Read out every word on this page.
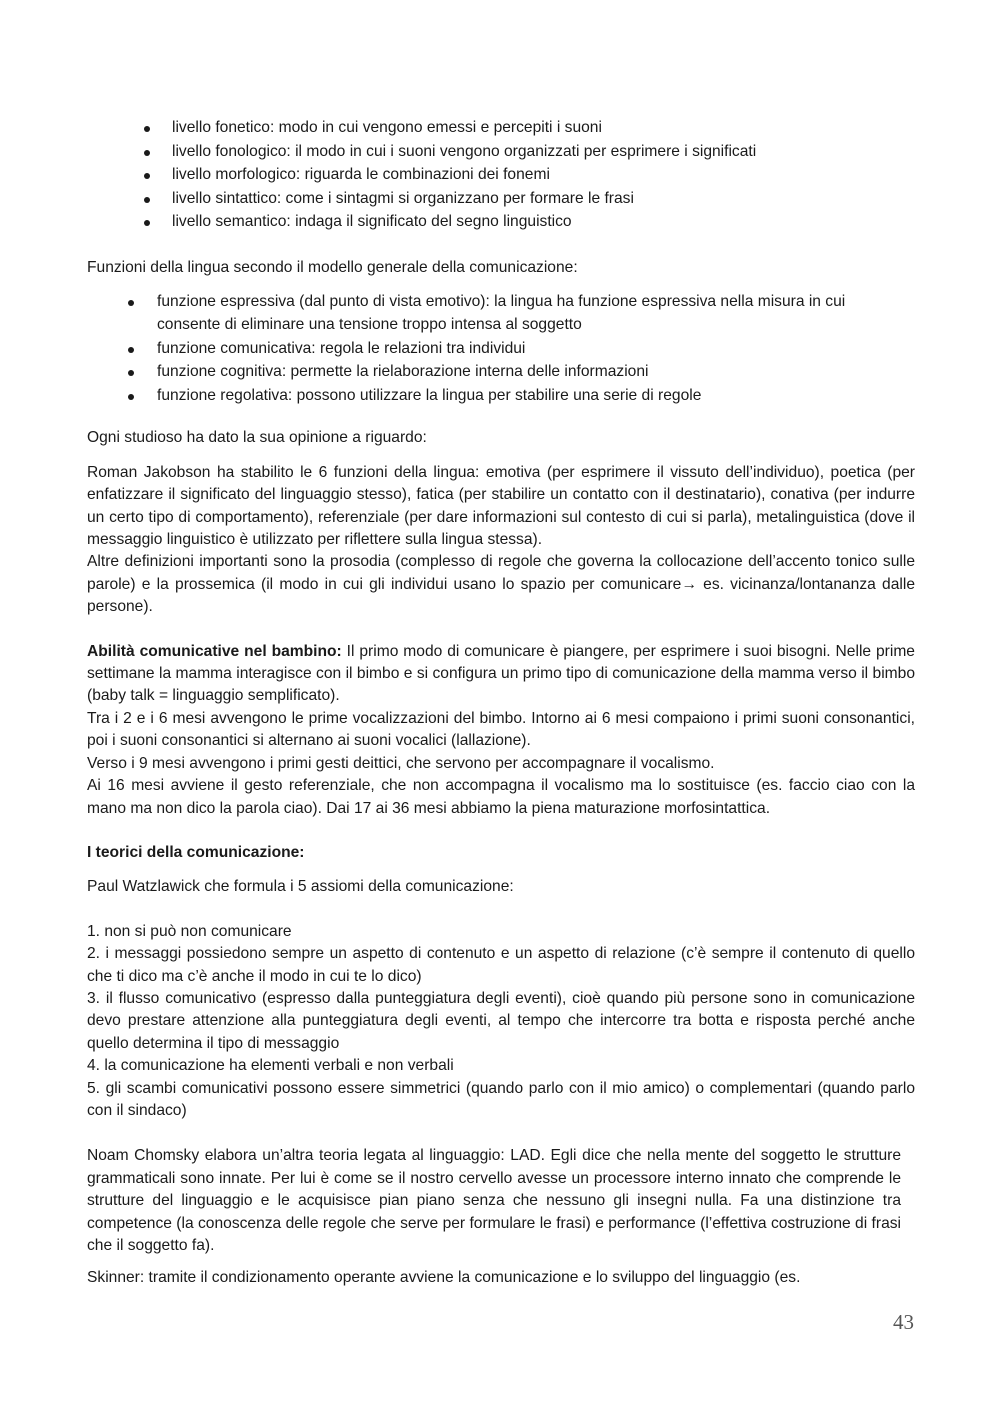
livello fonetico: modo in cui vengono emessi e percepiti i suoni
livello fonologico: il modo in cui i suoni vengono organizzati per esprimere i significati
livello morfologico: riguarda le combinazioni dei fonemi
livello sintattico: come i sintagmi si organizzano per formare le frasi
livello semantico: indaga il significato del segno linguistico

Funzioni della lingua secondo il modello generale della comunicazione:

funzione espressiva (dal punto di vista emotivo): la lingua ha funzione espressiva nella misura in cui consente di eliminare una tensione troppo intensa al soggetto
funzione comunicativa: regola le relazioni tra individui
funzione cognitiva: permette la rielaborazione interna delle informazioni
funzione regolativa: possono utilizzare la lingua per stabilire una serie di regole

Ogni studioso ha dato la sua opinione a riguardo:

Roman Jakobson ha stabilito le 6 funzioni della lingua: emotiva (per esprimere il vissuto dell’individuo), poetica (per enfatizzare il significato del linguaggio stesso), fatica (per stabilire un contatto con il destinatario), conativa (per indurre un certo tipo di comportamento), referenziale (per dare informazioni sul contesto di cui si parla), metalinguistica (dove il messaggio linguistico è utilizzato per riflettere sulla lingua stessa).

Altre definizioni importanti sono la prosodia (complesso di regole che governa la collocazione dell’accento tonico sulle parole) e la prossemica (il modo in cui gli individui usano lo spazio per comunicare→ es. vicinanza/lontananza dalle persone).

Abilità comunicative nel bambino: Il primo modo di comunicare è piangere, per esprimere i suoi bisogni. Nelle prime settimane la mamma interagisce con il bimbo e si configura un primo tipo di comunicazione della mamma verso il bimbo (baby talk = linguaggio semplificato).

Tra i 2 e i 6 mesi avvengono le prime vocalizzazioni del bimbo. Intorno ai 6 mesi compaiono i primi suoni consonantici, poi i suoni consonantici si alternano ai suoni vocalici (lallazione).

Verso i 9 mesi avvengono i primi gesti deittici, che servono per accompagnare il vocalismo.

Ai 16 mesi avviene il gesto referenziale, che non accompagna il vocalismo ma lo sostituisce (es. faccio ciao con la mano ma non dico la parola ciao). Dai 17 ai 36 mesi abbiamo la piena maturazione morfosintattica.

I teorici della comunicazione:

Paul Watzlawick che formula i 5 assiomi della comunicazione:

1. non si può non comunicare

2. i messaggi possiedono sempre un aspetto di contenuto e un aspetto di relazione (c’è sempre il contenuto di quello che ti dico ma c’è anche il modo in cui te lo dico)

3. il flusso comunicativo (espresso dalla punteggiatura degli eventi), cioè quando più persone sono in comunicazione devo prestare attenzione alla punteggiatura degli eventi, al tempo che intercorre tra botta e risposta perché anche quello determina il tipo di messaggio

4. la comunicazione ha elementi verbali e non verbali

5. gli scambi comunicativi possono essere simmetrici (quando parlo con il mio amico) o complementari (quando parlo con il sindaco)

Noam Chomsky elabora un’altra teoria legata al linguaggio: LAD. Egli dice che nella mente del soggetto le strutture grammaticali sono innate. Per lui è come se il nostro cervello avesse un processore interno innato che comprende le strutture del linguaggio e le acquisisce pian piano senza che nessuno gli insegni nulla. Fa una distinzione tra competence (la conoscenza delle regole che serve per formulare le frasi) e performance (l’effettiva costruzione di frasi che il soggetto fa).

Skinner: tramite il condizionamento operante avviene la comunicazione e lo sviluppo del linguaggio (es.

43
